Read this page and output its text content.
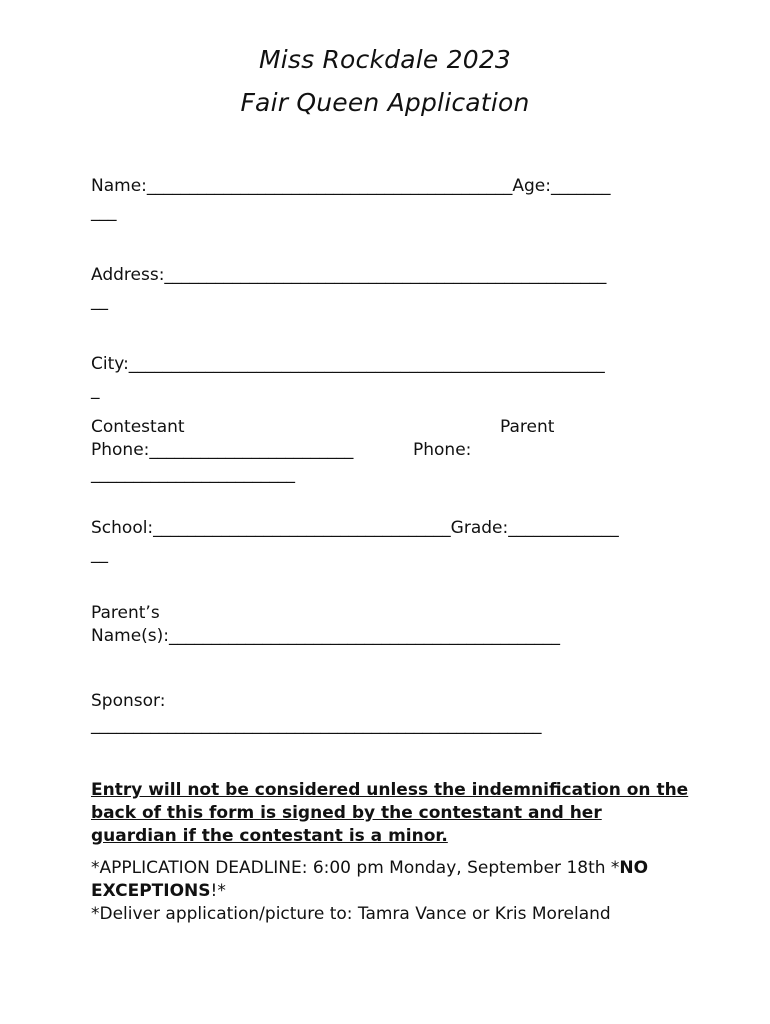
Miss Rockdale 2023
Fair Queen Application
Name:___________________________________________Age:_______
___
Address:____________________________________________________
__
City:________________________________________________________
_
Contestant	Parent
Phone:________________________	Phone:
________________________
School:___________________________________Grade:_____________
__
Parent’s
Name(s):______________________________________________
Sponsor:
_____________________________________________________
Entry will not be considered unless the indemnification on the back of this form is signed by the contestant and her guardian if the contestant is a minor.
*APPLICATION DEADLINE: 6:00 pm Monday, September 18th *NO EXCEPTIONS!*
*Deliver application/picture to: Tamra Vance or Kris Moreland
